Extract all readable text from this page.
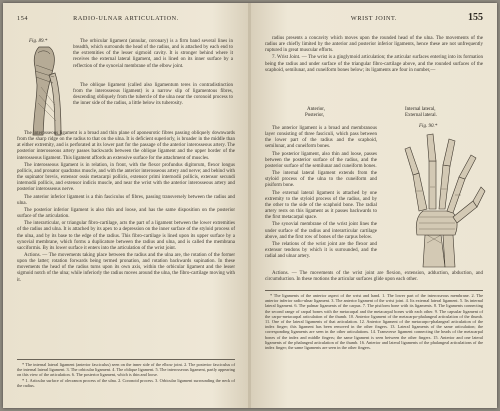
154	RADIO-ULNAR ARTICULATION.
Fig. 89.*	The orbicular ligament (annular, coronary) is a firm band several lines in breadth, which surrounds the head of the radius, and is attached by each end to the extremities of the lesser sigmoid cavity. It is stronger behind where it receives the external lateral ligament, and is lined on its inner surface by a reflection of the synovial membrane of the elbow joint.

The oblique ligament (called also ligamentum teres in contradistinction from the interosseous ligament) is a narrow slip of ligamentous fibres, descending obliquely from the tubercle of the ulna near the coronoid process to the inner side of the radius, a little below its tuberosity.

The interosseous ligament is a broad and thin plane of aponeurotic fibres passing obliquely downwards from the sharp ridge on the radius to that on the ulna. It is deficient superiorly, is broader in the middle than at either extremity, and is perforated at its lower part for the passage of the anterior interosseous artery. The posterior interosseous artery passes backwards between the oblique ligament and the upper border of the interosseous ligament. This ligament affords an extensive surface for the attachment of muscles.

The interosseous ligament is in relation, in front, with the flexor profundus digitorum, flexor longus pollicis, and pronator quadratus muscle, and with the anterior interosseous artery and nerve; and behind with the supinator brevis, extensor ossis metacarpi pollicis, extensor primi internodii pollicis, extensor secundi internodii pollicis, and extensor indicis muscle, and near the wrist with the anterior interosseous artery and posterior interosseous nerve.

The anterior inferior ligament is a thin fasciculus of fibres, passing transversely between the radius and ulna.

The posterior inferior ligament is also thin and loose, and has the same disposition on the posterior surface of the articulation.

The interarticular, or triangular fibro-cartilage, acts the part of a ligament between the lower extremities of the radius and ulna. It is attached by its apex to a depression on the inner surface of the styloid process of the ulna, and by its base to the edge of the radius. This fibro-cartilage is lined upon its upper surface by a synovial membrane, which forms a duplicature between the radius and ulna, and is called the membrana sacciformis. By its lower surface it enters into the articulation of the wrist joint.

Actions. — The movements taking place between the radius and the ulna are, the rotation of the former upon the latter; rotation forwards being termed pronation, and rotation backwards supination. In these movements the head of the radius turns upon its own axis, within the orbicular ligament and the lesser sigmoid notch of the ulna; while inferiorly the radius moves around the ulna, the fibro-cartilage moving with it.

* The internal lateral ligament (anterior fasciculus) seen on the inner side of the elbow joint. 2. The posterior fasciculus of the internal lateral ligament. 3. The orbicular ligament. 4. The oblique ligament. 5. The interosseous ligament, partly appearing on this view of the articulation. 6. The posterior ligament, which is thin and loose.

* 1. Articular surface of olecranon process of the ulna. 2. Coronoid process. 3. Orbicular ligament surrounding the neck of the radius.

WRIST JOINT.	155

radius presents a concavity which moves upon the rounded head of the ulna. The movements of the radius are chiefly limited by the anterior and posterior inferior ligaments, hence these are not unfrequently ruptured in great muscular efforts.

7. Wrist Joint. — The wrist is a ginglymoid articulation; the articular surfaces entering into its formation being the radius and under surface of the triangular fibro-cartilage above, and the rounded surfaces of the scaphoid, semilunar, and cuneiform bones below; its ligaments are four in number,—

Anterior,
Posterior,
Internal lateral,
External lateral.

The anterior ligament is a broad and membranous layer consisting of three fasciculi, which pass between the lower part of the radius and the scaphoid, semilunar, and cuneiform bones.

The posterior ligament, also thin and loose, passes between the posterior surface of the radius, and the posterior surface of the semilunar and cuneiform bones.

The internal lateral ligament extends from the styloid process of the ulna to the cuneiform and pisiform bone.

The external lateral ligament is attached by one extremity to the styloid process of the radius, and by the other to the side of the scaphoid bone. The radial artery rests on this ligament as it passes backwards to the first metacarpal space.

The synovial membrane of the wrist joint lines the under surface of the radius and interarticular cartilage above, and the first row of bones of the carpus below.

The relations of the wrist joint are the flexor and extensor tendons by which it is surrounded, and the radial and ulnar artery.

Actions. — The movements of the wrist joint are flexion, extension, adduction, abduction, and circumduction. In these motions the articular surfaces glide upon each other.

Fig. 90.*

* The ligaments of the anterior aspect of the wrist and hand. 1. The lower part of the interosseous membrane. 2. The anterior inferior radio-ulnar ligament. 3. The anterior ligament of the wrist joint. 4. Its external lateral ligament. 5. Its internal lateral ligament. 6. The palmar ligaments of the carpus. 7. The pisiform bone with its ligaments. 8. The ligaments connecting the second range of carpal bones with the metacarpal and the metacarpal bones with each other. 9. The capsular ligament of the carpo-metacarpal articulation of the thumb. 10. Anterior ligament of the metacarpo-phalangeal articulation of the thumb. 11. One of the lateral ligaments of that articulation. 12. Anterior ligament of the metacarpo-phalangeal articulation of the index finger; this ligament has been removed in the other fingers. 13. Lateral ligaments of the same articulation; the corresponding ligaments are seen in the other articulations. 14. Transverse ligament connecting the heads of the metacarpal bones of the index and middle fingers; the same ligament is seen between the other fingers. 15. Anterior and one lateral ligaments of the phalangeal articulation of the thumb. 16. Anterior and lateral ligaments of the phalangeal articulations of the index finger; the same ligaments are seen in the other fingers.
